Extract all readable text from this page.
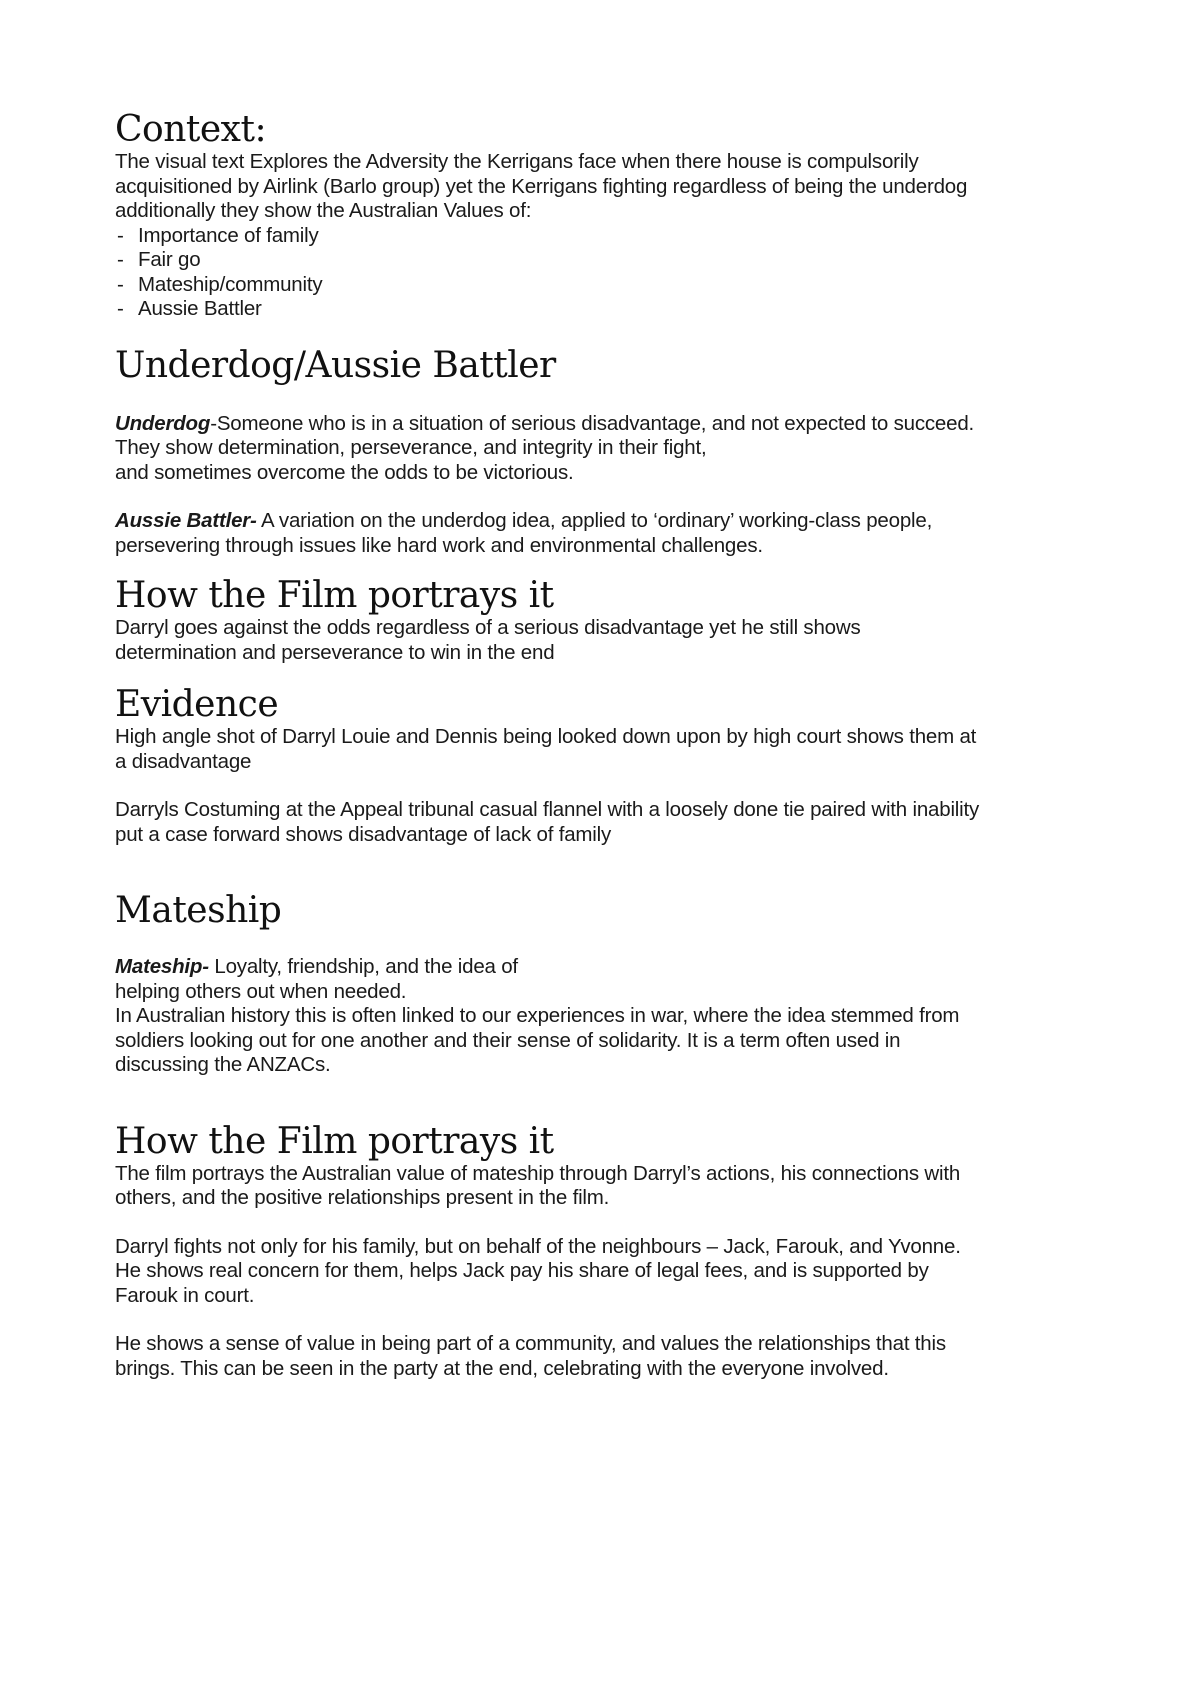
Context:

The visual text Explores the Adversity the Kerrigans face when there house is compulsorily

acquisitioned by Airlink (Barlo group) yet the Kerrigans fighting regardless of being the underdog

additionally they show the Australian Values of:

- Importance of family
- Fair go
- Mateship/community
- Aussie Battler
Underdog/Aussie Battler

Underdog-Someone who is in a situation of serious disadvantage, and not expected to succeed.

They show determination, perseverance, and integrity in their fight,

and sometimes overcome the odds to be victorious.

Aussie Battler- A variation on the underdog idea, applied to ‘ordinary’ working-class people,

persevering through issues like hard work and environmental challenges.

How the Film portrays it

Darryl goes against the odds regardless of a serious disadvantage yet he still shows

determination and perseverance to win in the end

Evidence

High angle shot of Darryl Louie and Dennis being looked down upon by high court shows them at

a disadvantage

Darryls Costuming at the Appeal tribunal casual flannel with a loosely done tie paired with inability

put a case forward shows disadvantage of lack of family

Mateship

Mateship- Loyalty, friendship, and the idea of

helping others out when needed.

In Australian history this is often linked to our experiences in war, where the idea stemmed from

soldiers looking out for one another and their sense of solidarity. It is a term often used in

discussing the ANZACs.

How the Film portrays it

The film portrays the Australian value of mateship through Darryl’s actions, his connections with

others, and the positive relationships present in the film.

Darryl fights not only for his family, but on behalf of the neighbours – Jack, Farouk, and Yvonne.

He shows real concern for them, helps Jack pay his share of legal fees, and is supported by

Farouk in court.

He shows a sense of value in being part of a community, and values the relationships that this

brings. This can be seen in the party at the end, celebrating with the everyone involved.
